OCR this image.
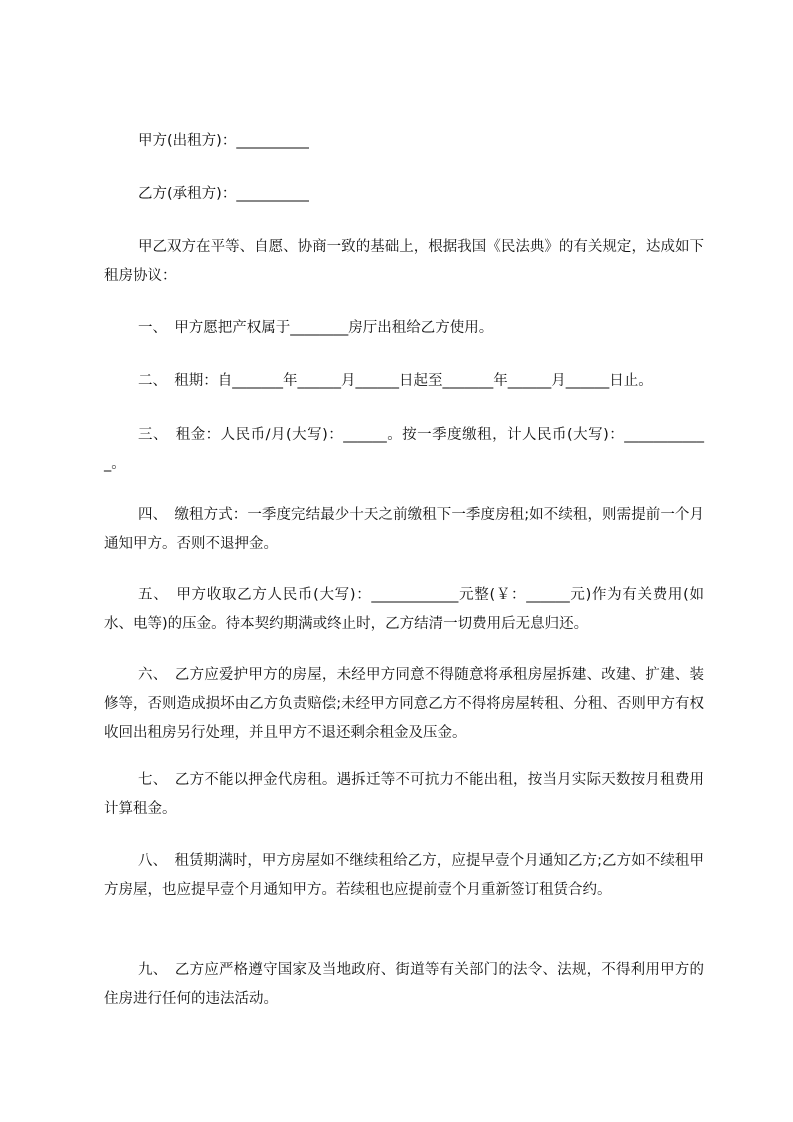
甲方(出租方)：__________

乙方(承租方)：__________

甲乙双方在平等、自愿、协商一致的基础上，根据我国《民法典》的有关规定，达成如下租房协议：

一、　甲方愿把产权属于________房厅出租给乙方使用。

二、　租期：自_______年______月______日起至_______年______月______日止。

三、　租金：人民币/月(大写)：______。按一季度缴租，计人民币(大写)：____________。

四、　缴租方式：一季度完结最少十天之前缴租下一季度房租;如不续租，则需提前一个月通知甲方。否则不退押金。

五、　甲方收取乙方人民币(大写)：____________元整(￥：______元)作为有关费用(如水、电等)的压金。待本契约期满或终止时，乙方结清一切费用后无息归还。

六、　乙方应爱护甲方的房屋，未经甲方同意不得随意将承租房屋拆建、改建、扩建、装修等，否则造成损坏由乙方负责赔偿;未经甲方同意乙方不得将房屋转租、分租、否则甲方有权收回出租房另行处理，并且甲方不退还剩余租金及压金。

七、　乙方不能以押金代房租。遇拆迁等不可抗力不能出租，按当月实际天数按月租费用计算租金。

八、　租赁期满时，甲方房屋如不继续租给乙方，应提早壹个月通知乙方;乙方如不续租甲方房屋，也应提早壹个月通知甲方。若续租也应提前壹个月重新签订租赁合约。

九、　乙方应严格遵守国家及当地政府、街道等有关部门的法令、法规，不得利用甲方的住房进行任何的违法活动。
